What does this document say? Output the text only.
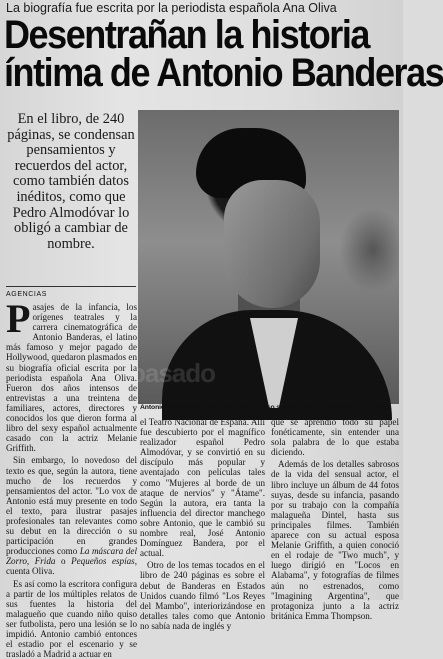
La biografía fue escrita por la periodista española Ana Oliva
Desentrañan la historia
íntima de Antonio Banderas
En el libro, de 240 páginas, se condensan pensamientos y recuerdos del actor, como también datos inéditos, como que Pedro Almodóvar lo obligó a cambiar de nombre.
AGENCIAS
basado
Antonio Banderas antes de ser actor quiso ser futbolista, se cuenta en el libro.

Pasajes de la infancia, los orígenes teatrales y la carrera cinematográfica de Antonio Banderas, el latino más famoso y mejor pagado de Hollywood, quedaron plasmados en su biografía oficial escrita por la periodista española Ana Oliva. Fueron dos años intensos de entrevistas a una treintena de familiares, actores, directores y conocidos los que dieron forma al libro del sexy español actualmente casado con la actriz Melanie Griffith.

Sin embargo, lo novedoso del texto es que, según la autora, tiene mucho de los recuerdos y pensamientos del actor. "Lo vox de Antonio está muy presente en todo el texto, para ilustrar pasajes profesionales tan relevantes como su debut en la dirección o su participación en grandes producciones como La máscara del Zorro, Frida o Pequeños espías, cuenta Oliva.

Es así como la escritora configura a partir de los múltiples relatos de sus fuentes la historia del malagueño que cuando niño quiso ser futbolista, pero una lesión se lo impidió. Antonio cambió entonces el estadio por el escenario y se trasladó a Madrid a actuar en

el Teatro Nacional de España. Allí fue descubierto por el magnífico realizador español Pedro Almodóvar, y se convirtió en su discípulo más popular y aventajado con películas tales como "Mujeres al borde de un ataque de nervios" y "Átame". Según la autora, era tanta la influencia del director manchego sobre Antonio, que le cambió su nombre real, José Antonio Domínguez Bandera, por el actual.

Otro de los temas tocados en el libro de 240 páginas es sobre el debut de Banderas en Estados Unidos cuando filmó "Los Reyes del Mambo", interiorizándose en detalles tales como que Antonio no sabía nada de inglés y

que se aprendió todo su papel fonéticamente, sin entender una sola palabra de lo que estaba diciendo.

Además de los detalles sabrosos de la vida del sensual actor, el libro incluye un álbum de 44 fotos suyas, desde su infancia, pasando por su trabajo con la compañía malagueña Dintel, hasta sus principales filmes. También aparece con su actual esposa Melanie Griffith, a quien conoció en el rodaje de "Two much", y luego dirigió en "Locos en Alabama", y fotografías de filmes aún no estrenados, como "Imagining Argentina", que protagoniza junto a la actriz británica Emma Thompson.
